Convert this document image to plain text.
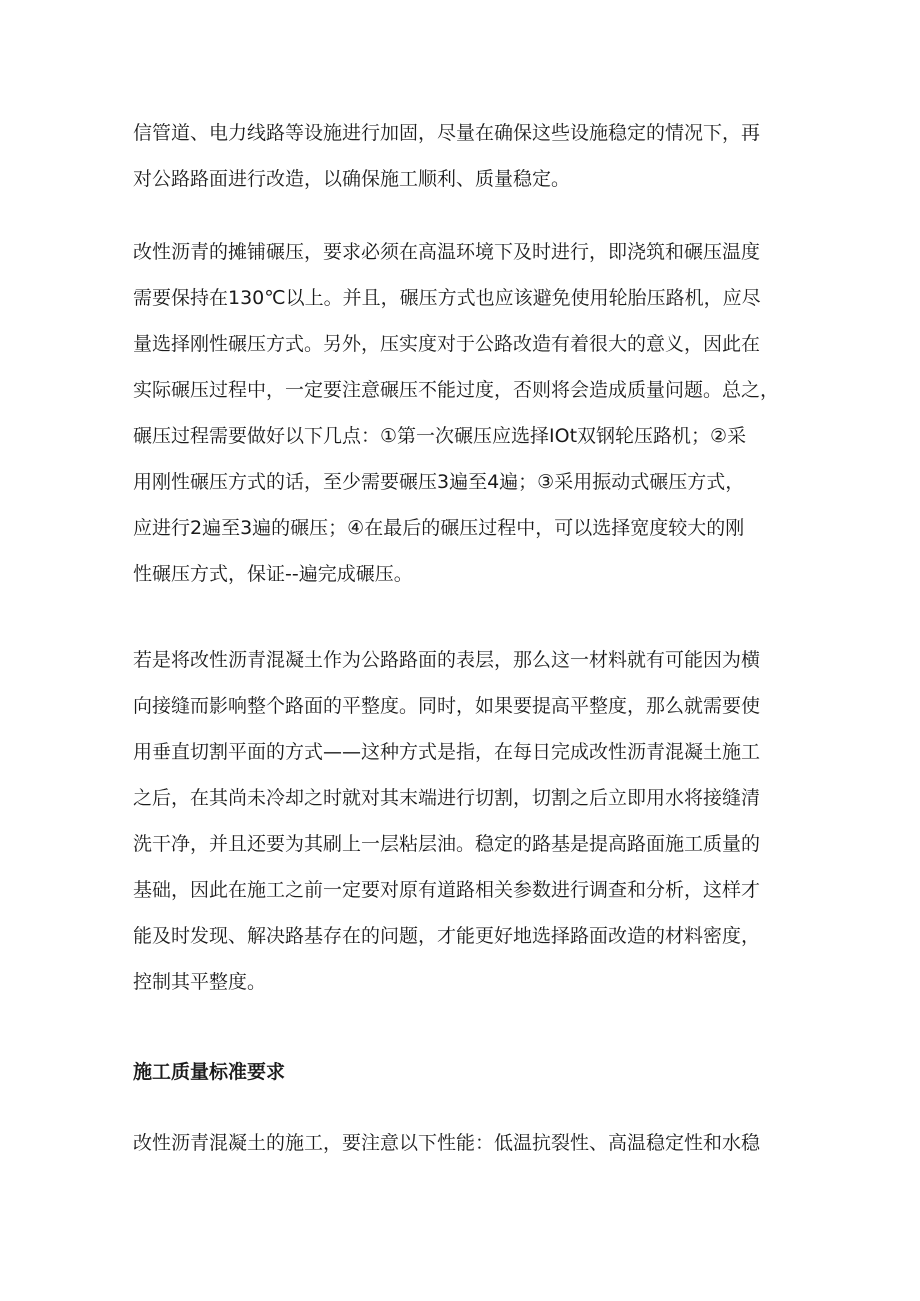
信管道、电力线路等设施进行加固，尽量在确保这些设施稳定的情况下，再
对公路路面进行改造，以确保施工顺利、质量稳定。
改性沥青的摊铺碾压，要求必须在高温环境下及时进行，即浇筑和碾压温度
需要保持在130℃以上。并且，碾压方式也应该避免使用轮胎压路机，应尽
量选择刚性碾压方式。另外，压实度对于公路改造有着很大的意义，因此在
实际碾压过程中，一定要注意碾压不能过度，否则将会造成质量问题。总之，
碾压过程需要做好以下几点：①第一次碾压应选择IOt双钢轮压路机；②采
用刚性碾压方式的话，至少需要碾压3遍至4遍；③采用振动式碾压方式，
应进行2遍至3遍的碾压；④在最后的碾压过程中，可以选择宽度较大的刚
性碾压方式，保证--遍完成碾压。
若是将改性沥青混凝土作为公路路面的表层，那么这一材料就有可能因为横
向接缝而影响整个路面的平整度。同时，如果要提高平整度，那么就需要使
用垂直切割平面的方式——这种方式是指，在每日完成改性沥青混凝土施工
之后，在其尚未冷却之时就对其末端进行切割，切割之后立即用水将接缝清
洗干净，并且还要为其刷上一层粘层油。稳定的路基是提高路面施工质量的
基础，因此在施工之前一定要对原有道路相关参数进行调查和分析，这样才
能及时发现、解决路基存在的问题，才能更好地选择路面改造的材料密度，
控制其平整度。
施工质量标准要求
改性沥青混凝土的施工，要注意以下性能：低温抗裂性、高温稳定性和水稳
